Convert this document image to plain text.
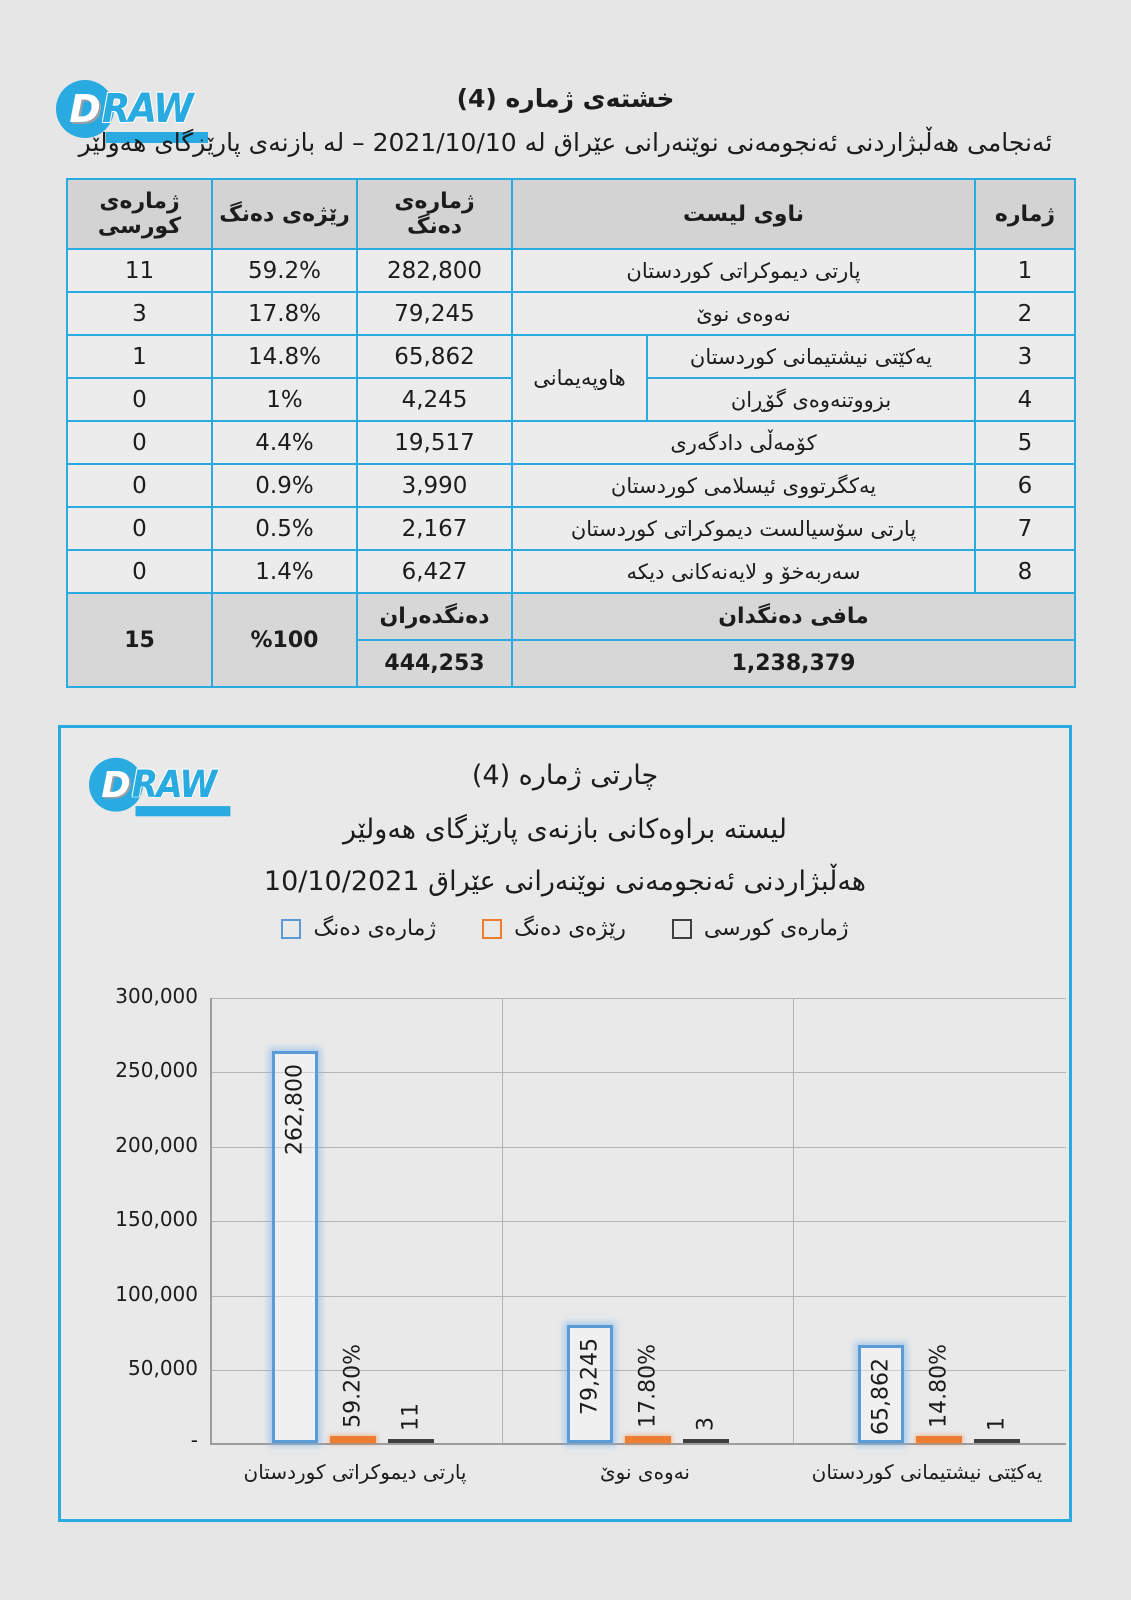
D RAW	خشتەی ژمارە (4)
ئەنجامی هەڵبژاردنی ئەنجومەنی نوێنەرانی عێراق لە 2021/10/10 – لە بازنەی پارێزگای هەولێر
ژمارە	ناوی لیست		ژمارەی دەنگ	رێژەی دەنگ	ژمارەی کورسی
1	پارتی دیموکراتی کوردستان		282,800	59.2%	11
2	نەوەی نوێ		79,245	17.8%	3
3	یەکێتی نیشتیمانی کوردستان	هاوپەیمانی	65,862	14.8%	1
4	بزووتنەوەی گۆڕان		4,245	1%	0
5	کۆمەڵی دادگەری		19,517	4.4%	0
6	یەکگرتووی ئیسلامی کوردستان		3,990	0.9%	0
7	پارتی سۆسیالست دیموکراتی کوردستان		2,167	0.5%	0
8	سەربەخۆ و لایەنەکانی دیکه		6,427	1.4%	0
مافی دەنگدان			دەنگدەران	%100	15
1,238,379			444,253		
D RAW	چارتی ژماره (4)
لیسته براوەکانی بازنەی پارێزگای هەولێر
هەڵبژاردنی ئەنجومەنی نوێنەرانی عێراق 10/10/2021
ژمارەی کورسی
رێژەی دەنگ
ژمارەی دەنگ
300,000
250,000
200,000
150,000
100,000
50,000
-
262,800
59.20% 11
79,245 17.80% 3	65,862 14.80% 1
پارتی دیموکراتی کوردستان	نەوەی نوێ	یەکێتی نیشتیمانی کوردستان
